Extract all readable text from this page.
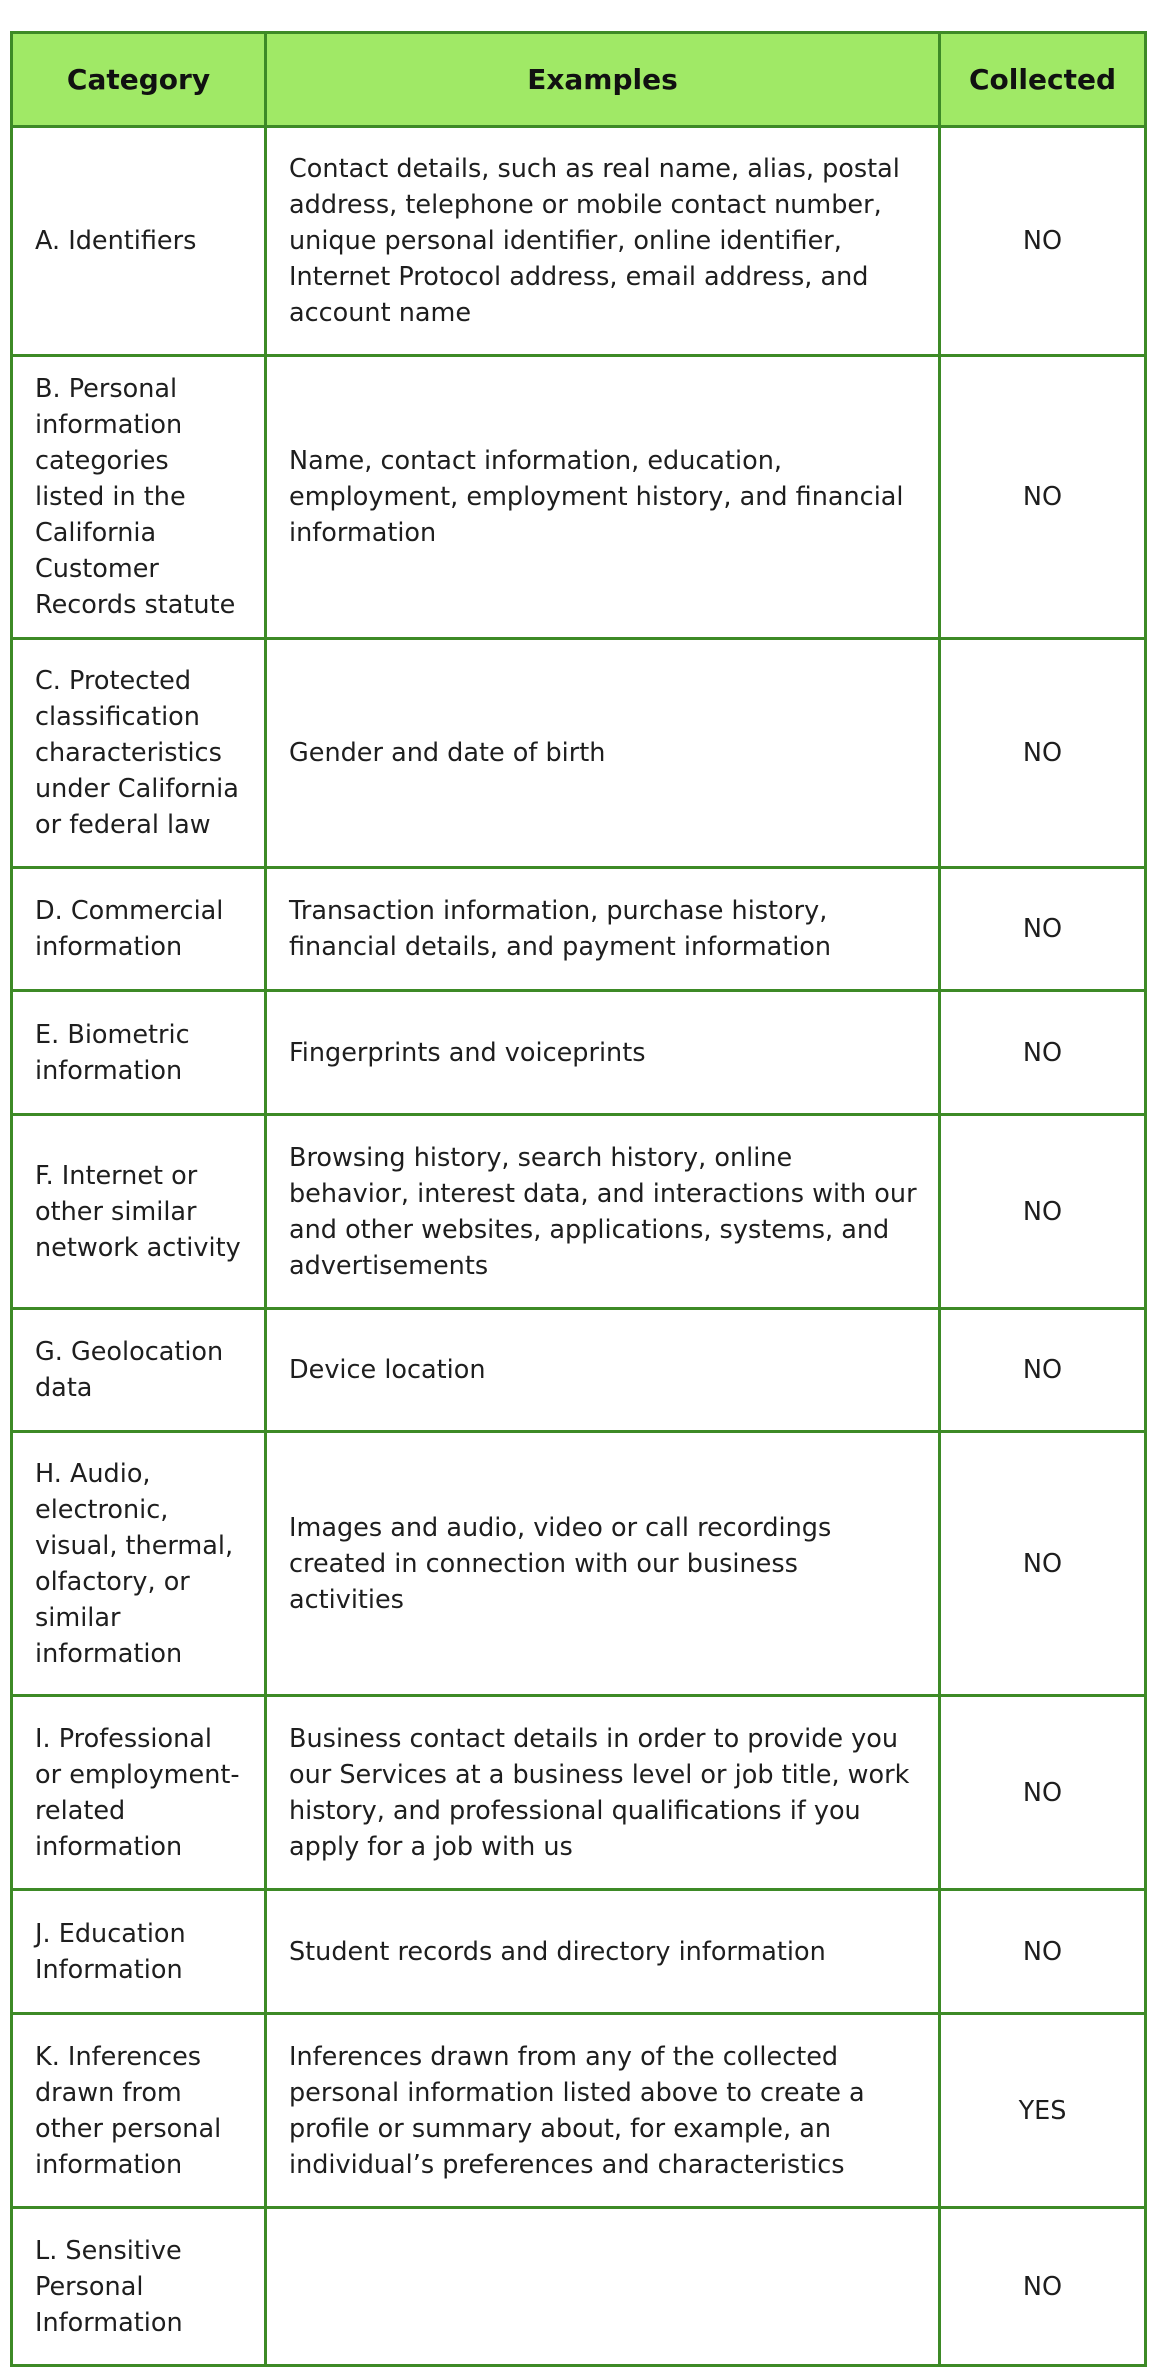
Category	Examples	Collected
A. Identifiers	Contact details, such as real name, alias, postal address, telephone or mobile contact number, unique personal identifier, online identifier, Internet Protocol address, email address, and account name	NO
B. Personal information categories listed in the California Customer Records statute	Name, contact information, education, employment, employment history, and financial information	NO
C. Protected classification characteristics under California or federal law	Gender and date of birth	NO
D. Commercial information	Transaction information, purchase history, financial details, and payment information	NO
E. Biometric information	Fingerprints and voiceprints	NO
F. Internet or other similar network activity	Browsing history, search history, online behavior, interest data, and interactions with our and other websites, applications, systems, and advertisements	NO
G. Geolocation data	Device location	NO
H. Audio, electronic, visual, thermal, olfactory, or similar information	Images and audio, video or call recordings created in connection with our business activities	NO
I. Professional or employment-related information	Business contact details in order to provide you our Services at a business level or job title, work history, and professional qualifications if you apply for a job with us	NO
J. Education Information	Student records and directory information	NO
K. Inferences drawn from other personal information	Inferences drawn from any of the collected personal information listed above to create a profile or summary about, for example, an individual’s preferences and characteristics	YES
L. Sensitive Personal Information		NO
